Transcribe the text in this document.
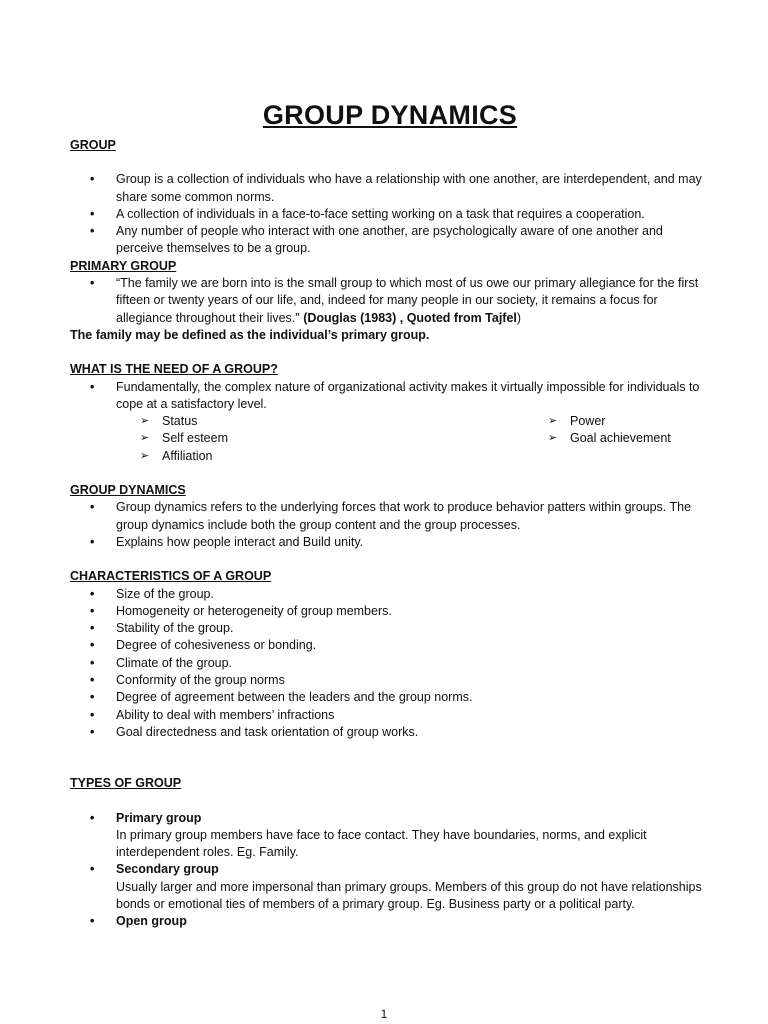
GROUP DYNAMICS

GROUP

• Group is a collection of individuals who have a relationship with one another, are interdependent, and may share some common norms.
• A collection of individuals in a face-to-face setting working on a task that requires a cooperation.
• Any number of people who interact with one another, are psychologically aware of one another and perceive themselves to be a group.

PRIMARY GROUP

• “The family we are born into is the small group to which most of us owe our primary allegiance for the first fifteen or twenty years of our life, and, indeed for many people in our society, it remains a focus for allegiance throughout their lives." (Douglas (1983) , Quoted from Tajfel)

The family may be defined as the individual’s primary group.

WHAT IS THE NEED OF A GROUP?

• Fundamentally, the complex nature of organizational activity makes it virtually impossible for individuals to cope at a satisfactory level.
➢ Status
➢ Self esteem
➢ Affiliation
➢ Power
➢ Goal achievement

GROUP DYNAMICS

• Group dynamics refers to the underlying forces that work to produce behavior patters within groups. The group dynamics include both the group content and the group processes.
• Explains how people interact and Build unity.

CHARACTERISTICS OF A GROUP

• Size of the group.
• Homogeneity or heterogeneity of group members.
• Stability of the group.
• Degree of cohesiveness or bonding.
• Climate of the group.
• Conformity of the group norms
• Degree of agreement between the leaders and the group norms.
• Ability to deal with members’ infractions
• Goal directedness and task orientation of group works.

TYPES OF GROUP

• Primary group
In primary group members have face to face contact. They have boundaries, norms, and explicit interdependent roles. Eg. Family.
• Secondary group
Usually larger and more impersonal than primary groups. Members of this group do not have relationships bonds or emotional ties of members of a primary group. Eg. Business party or a political party.
• Open group
1
